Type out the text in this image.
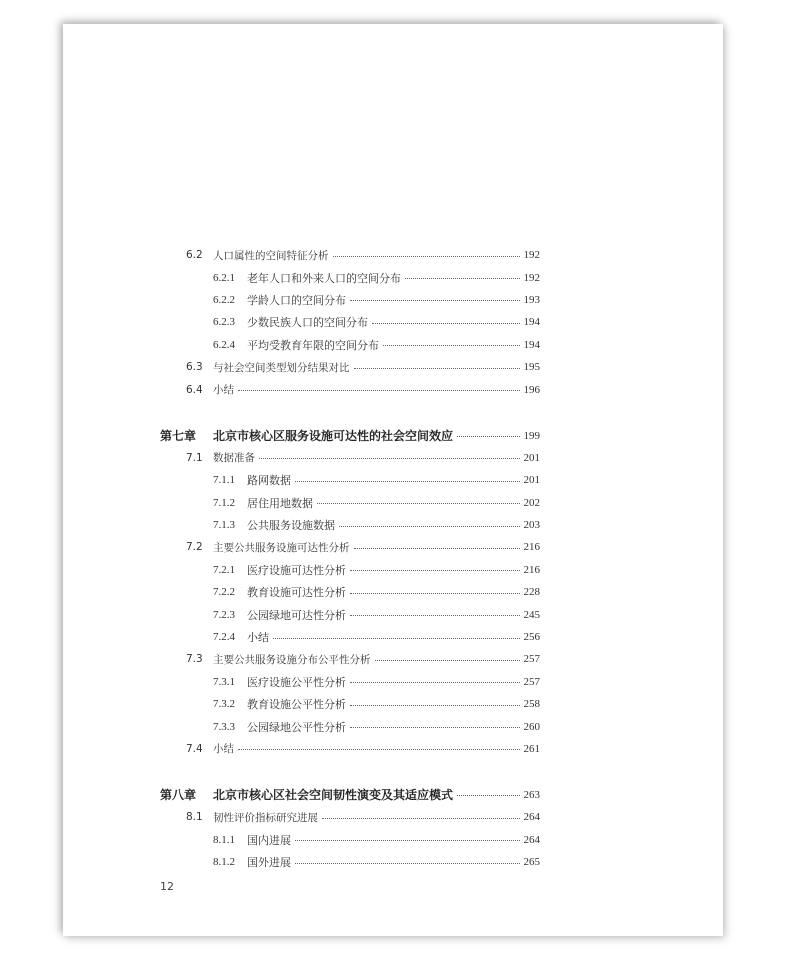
6.2 人口属性的空间特征分析	192
6.2.1	老年人口和外来人口的空间分布	192
6.2.2	学龄人口的空间分布	193
6.2.3	少数民族人口的空间分布	194
6.2.4	平均受教育年限的空间分布	194
6.3 与社会空间类型划分结果对比	195
6.4 小结	196
第七章	北京市核心区服务设施可达性的社会空间效应	199
7.1 数据准备	201
7.1.1	路网数据	201
7.1.2	居住用地数据	202
7.1.3	公共服务设施数据	203
7.2 主要公共服务设施可达性分析	216
7.2.1	医疗设施可达性分析	216
7.2.2	教育设施可达性分析	228
7.2.3	公园绿地可达性分析	245
7.2.4	小结	256
7.3 主要公共服务设施分布公平性分析	257
7.3.1	医疗设施公平性分析	257
7.3.2	教育设施公平性分析	258
7.3.3	公园绿地公平性分析	260
7.4 小结	261
第八章	北京市核心区社会空间韧性演变及其适应模式	263
8.1 韧性评价指标研究进展	264
8.1.1	国内进展	264
8.1.2	国外进展	265
12
